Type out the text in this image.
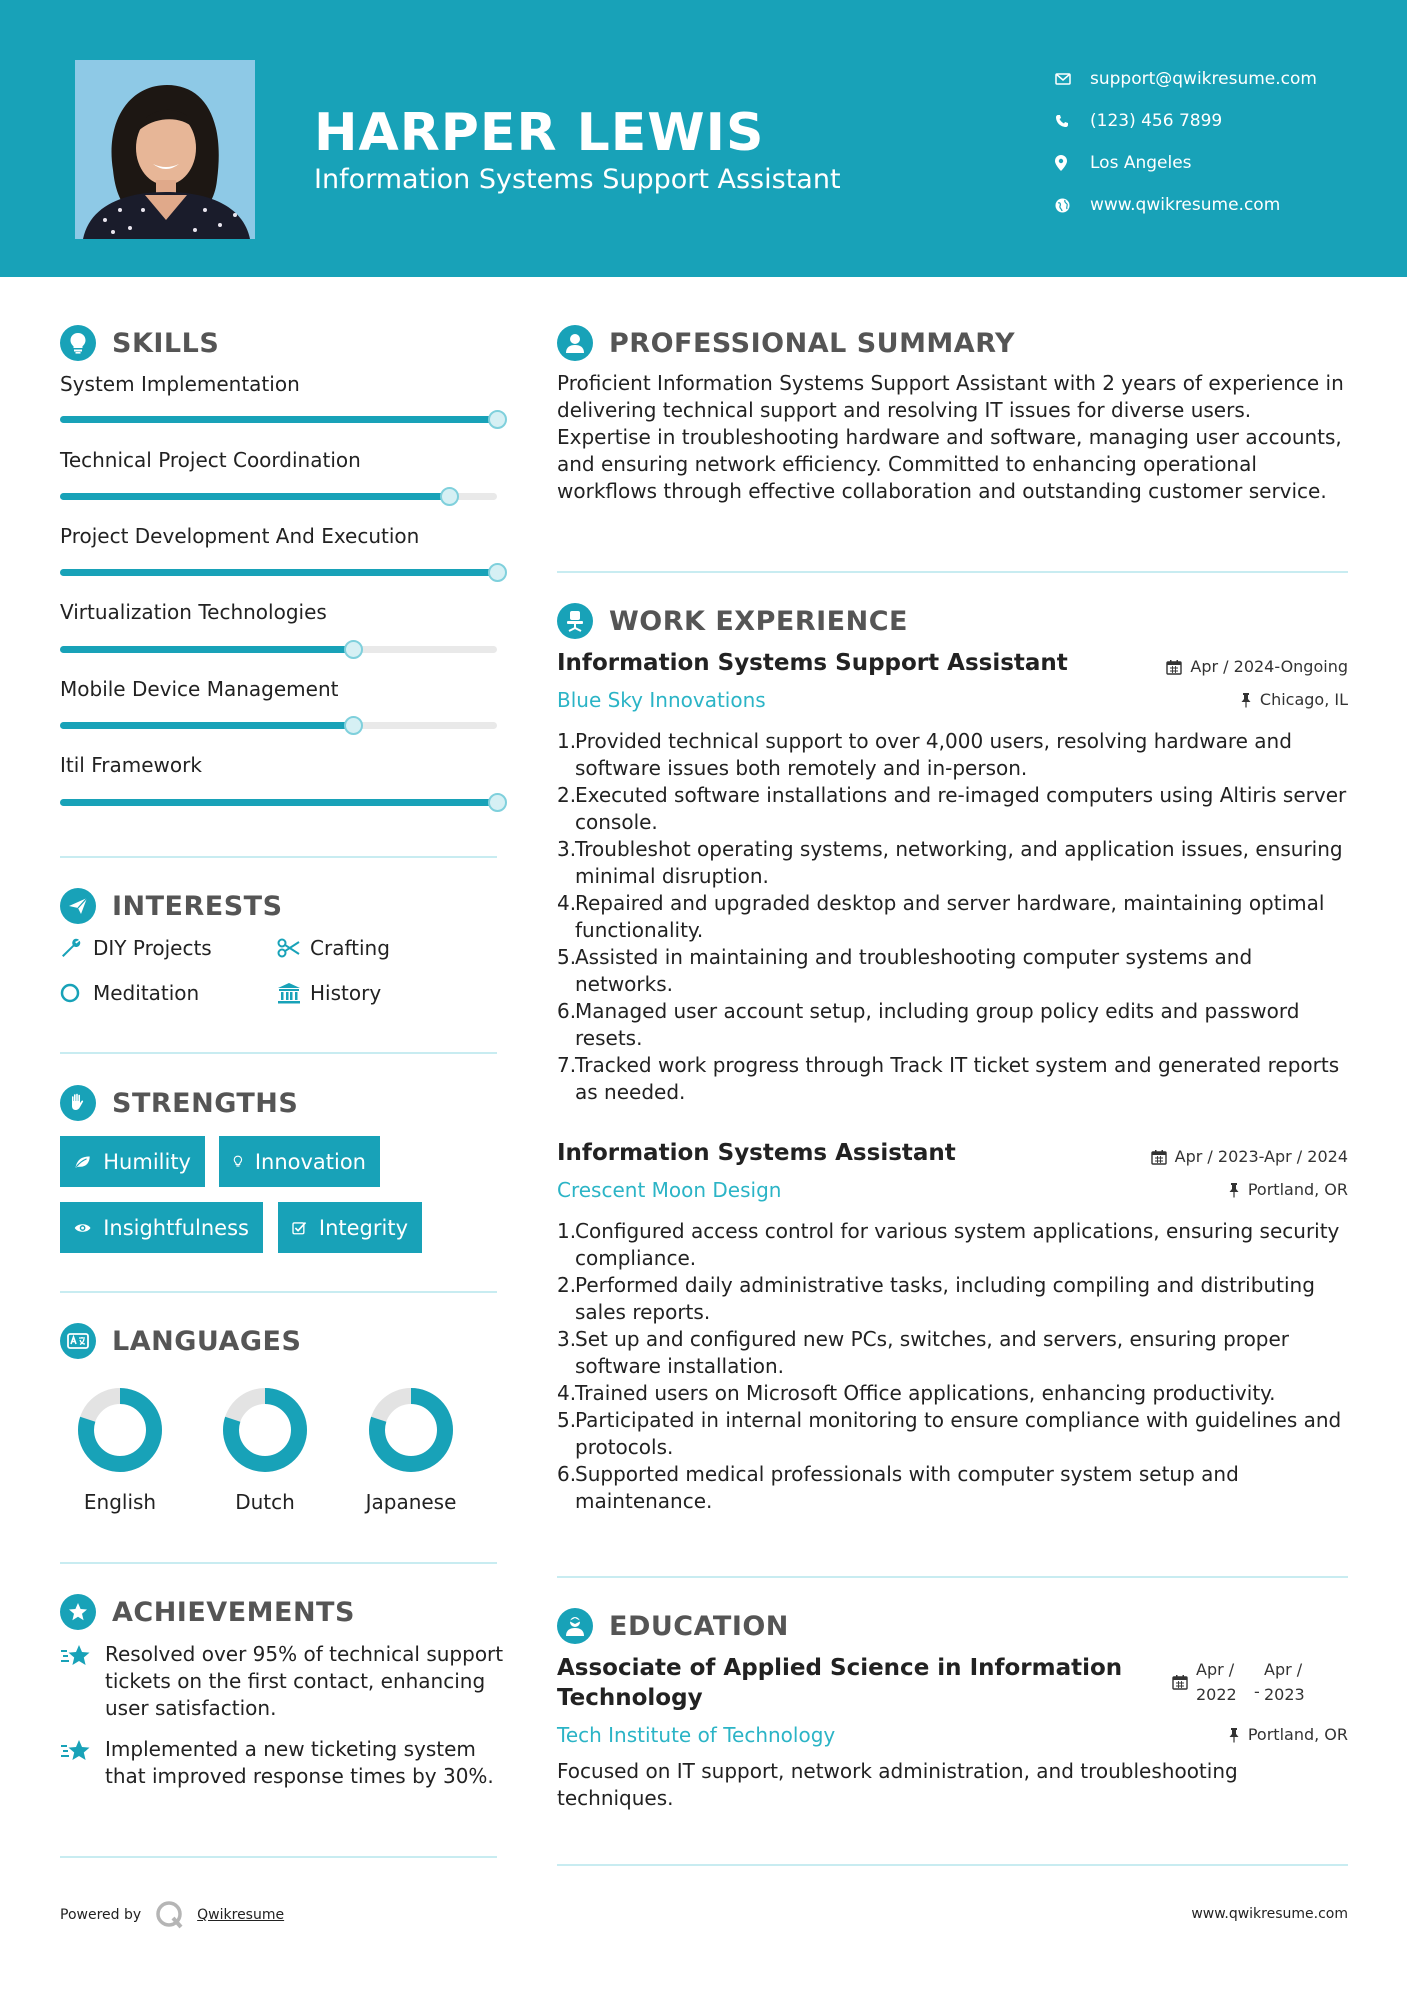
HARPER LEWIS
Information Systems Support Assistant
support@qwikresume.com
(123) 456 7899
Los Angeles
www.qwikresume.com
SKILLS
System Implementation
Technical Project Coordination
Project Development And Execution
Virtualization Technologies
Mobile Device Management
Itil Framework
INTERESTS
DIY Projects	Crafting
Meditation	History
STRENGTHS
Humility	Innovation
Insightfulness	Integrity
LANGUAGES
English	Dutch	Japanese
ACHIEVEMENTS
Resolved over 95% of technical support tickets on the first contact, enhancing user satisfaction.
Implemented a new ticketing system that improved response times by 30%.
PROFESSIONAL SUMMARY
Proficient Information Systems Support Assistant with 2 years of experience in delivering technical support and resolving IT issues for diverse users. Expertise in troubleshooting hardware and software, managing user accounts, and ensuring network efficiency. Committed to enhancing operational workflows through effective collaboration and outstanding customer service.
WORK EXPERIENCE
Information Systems Support Assistant	Apr / 2024-Ongoing
Blue Sky Innovations	Chicago, IL
1.
Provided technical support to over 4,000 users, resolving hardware and software issues both remotely and in-person.
2.
Executed software installations and re-imaged computers using Altiris server console.
3.
Troubleshot operating systems, networking, and application issues, ensuring minimal disruption.
4.
Repaired and upgraded desktop and server hardware, maintaining optimal functionality.
5.
Assisted in maintaining and troubleshooting computer systems and networks.
6.
Managed user account setup, including group policy edits and password resets.
7.
Tracked work progress through Track IT ticket system and generated reports as needed.
Information Systems Assistant	Apr / 2023-Apr / 2024
Crescent Moon Design	Portland, OR
1.
Configured access control for various system applications, ensuring security compliance.
2.
Performed daily administrative tasks, including compiling and distributing sales reports.
3.
Set up and configured new PCs, switches, and servers, ensuring proper software installation.
4.
Trained users on Microsoft Office applications, enhancing productivity.
5.
Participated in internal monitoring to ensure compliance with guidelines and protocols.
6.
Supported medical professionals with computer system setup and maintenance.
EDUCATION
Associate of Applied Science in Information
Technology
Apr /
2022	-
Apr /
2023
Tech Institute of Technology	Portland, OR
Focused on IT support, network administration, and troubleshooting techniques.
Powered by	Qwikresume	www.qwikresume.com
